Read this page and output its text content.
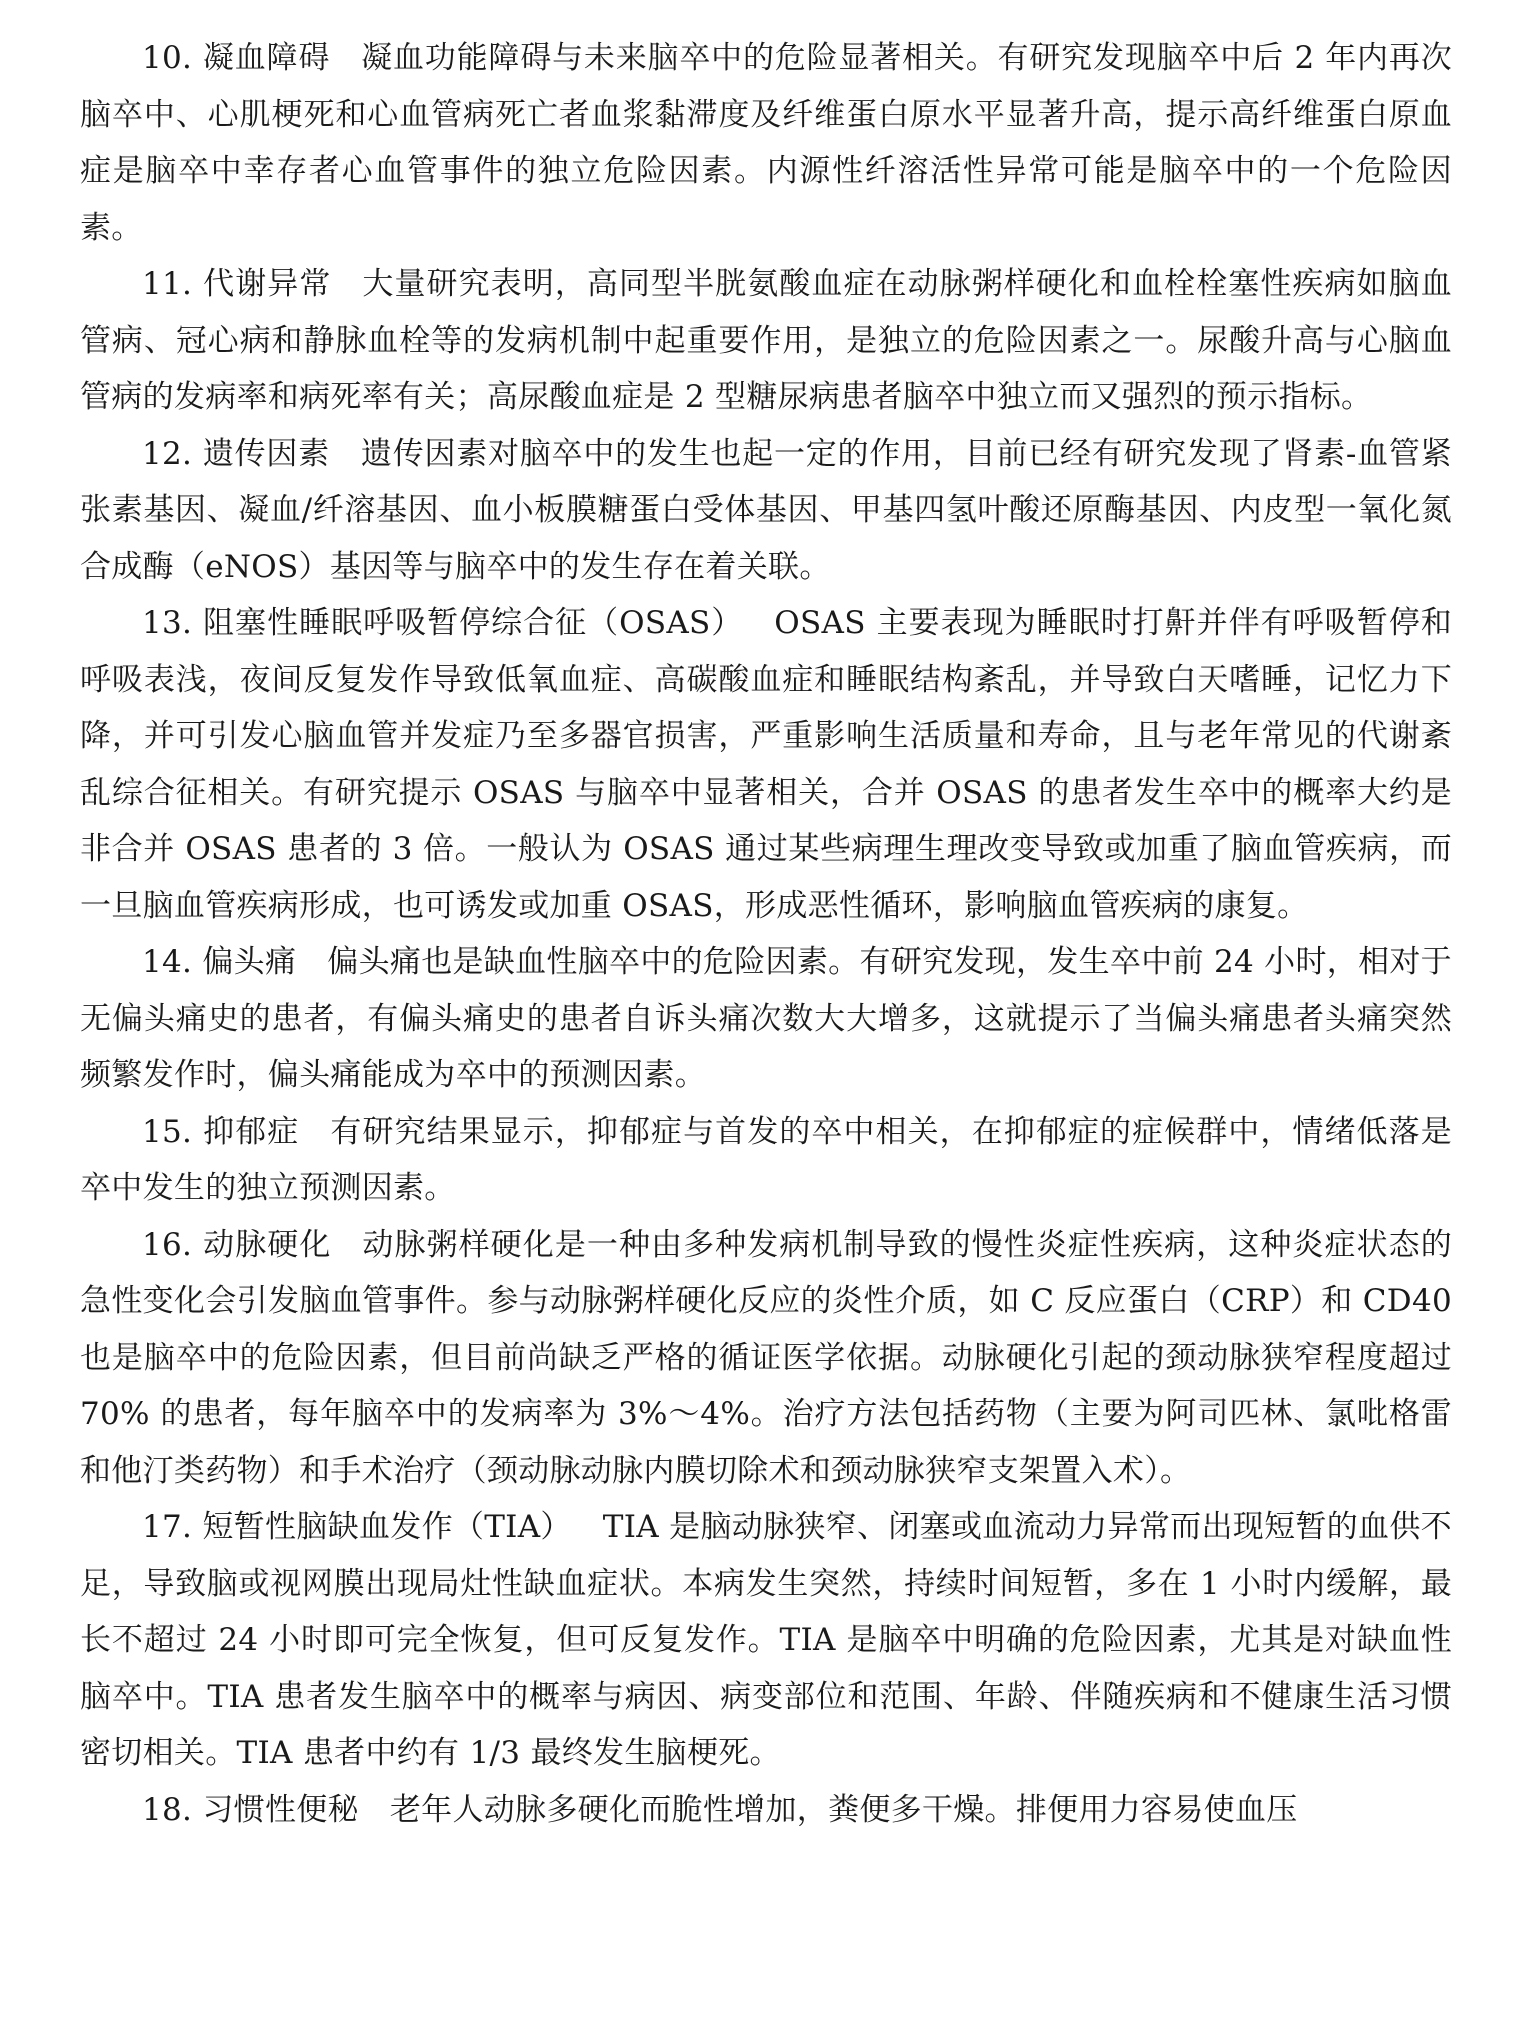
10. 凝血障碍 凝血功能障碍与未来脑卒中的危险显著相关。有研究发现脑卒中后 2 年内再次脑卒中、心肌梗死和心血管病死亡者血浆黏滞度及纤维蛋白原水平显著升高，提示高纤维蛋白原血症是脑卒中幸存者心血管事件的独立危险因素。内源性纤溶活性异常可能是脑卒中的一个危险因素。

11. 代谢异常 大量研究表明，高同型半胱氨酸血症在动脉粥样硬化和血栓栓塞性疾病如脑血管病、冠心病和静脉血栓等的发病机制中起重要作用，是独立的危险因素之一。尿酸升高与心脑血管病的发病率和病死率有关；高尿酸血症是 2 型糖尿病患者脑卒中独立而又强烈的预示指标。

12. 遗传因素 遗传因素对脑卒中的发生也起一定的作用，目前已经有研究发现了肾素-血管紧张素基因、凝血/纤溶基因、血小板膜糖蛋白受体基因、甲基四氢叶酸还原酶基因、内皮型一氧化氮合成酶（eNOS）基因等与脑卒中的发生存在着关联。

13. 阻塞性睡眠呼吸暂停综合征（OSAS） OSAS 主要表现为睡眠时打鼾并伴有呼吸暂停和呼吸表浅，夜间反复发作导致低氧血症、高碳酸血症和睡眠结构紊乱，并导致白天嗜睡，记忆力下降，并可引发心脑血管并发症乃至多器官损害，严重影响生活质量和寿命，且与老年常见的代谢紊乱综合征相关。有研究提示 OSAS 与脑卒中显著相关，合并 OSAS 的患者发生卒中的概率大约是非合并 OSAS 患者的 3 倍。一般认为 OSAS 通过某些病理生理改变导致或加重了脑血管疾病，而一旦脑血管疾病形成，也可诱发或加重 OSAS，形成恶性循环，影响脑血管疾病的康复。

14. 偏头痛 偏头痛也是缺血性脑卒中的危险因素。有研究发现，发生卒中前 24 小时，相对于无偏头痛史的患者，有偏头痛史的患者自诉头痛次数大大增多，这就提示了当偏头痛患者头痛突然频繁发作时，偏头痛能成为卒中的预测因素。

15. 抑郁症 有研究结果显示，抑郁症与首发的卒中相关，在抑郁症的症候群中，情绪低落是卒中发生的独立预测因素。

16. 动脉硬化 动脉粥样硬化是一种由多种发病机制导致的慢性炎症性疾病，这种炎症状态的急性变化会引发脑血管事件。参与动脉粥样硬化反应的炎性介质，如 C 反应蛋白（CRP）和 CD40 也是脑卒中的危险因素，但目前尚缺乏严格的循证医学依据。动脉硬化引起的颈动脉狭窄程度超过 70% 的患者，每年脑卒中的发病率为 3%～4%。治疗方法包括药物（主要为阿司匹林、氯吡格雷和他汀类药物）和手术治疗（颈动脉动脉内膜切除术和颈动脉狭窄支架置入术）。

17. 短暂性脑缺血发作（TIA） TIA 是脑动脉狭窄、闭塞或血流动力异常而出现短暂的血供不足，导致脑或视网膜出现局灶性缺血症状。本病发生突然，持续时间短暂，多在 1 小时内缓解，最长不超过 24 小时即可完全恢复，但可反复发作。TIA 是脑卒中明确的危险因素，尤其是对缺血性脑卒中。TIA 患者发生脑卒中的概率与病因、病变部位和范围、年龄、伴随疾病和不健康生活习惯密切相关。TIA 患者中约有 1/3 最终发生脑梗死。

18. 习惯性便秘 老年人动脉多硬化而脆性增加，粪便多干燥。排便用力容易使血压
